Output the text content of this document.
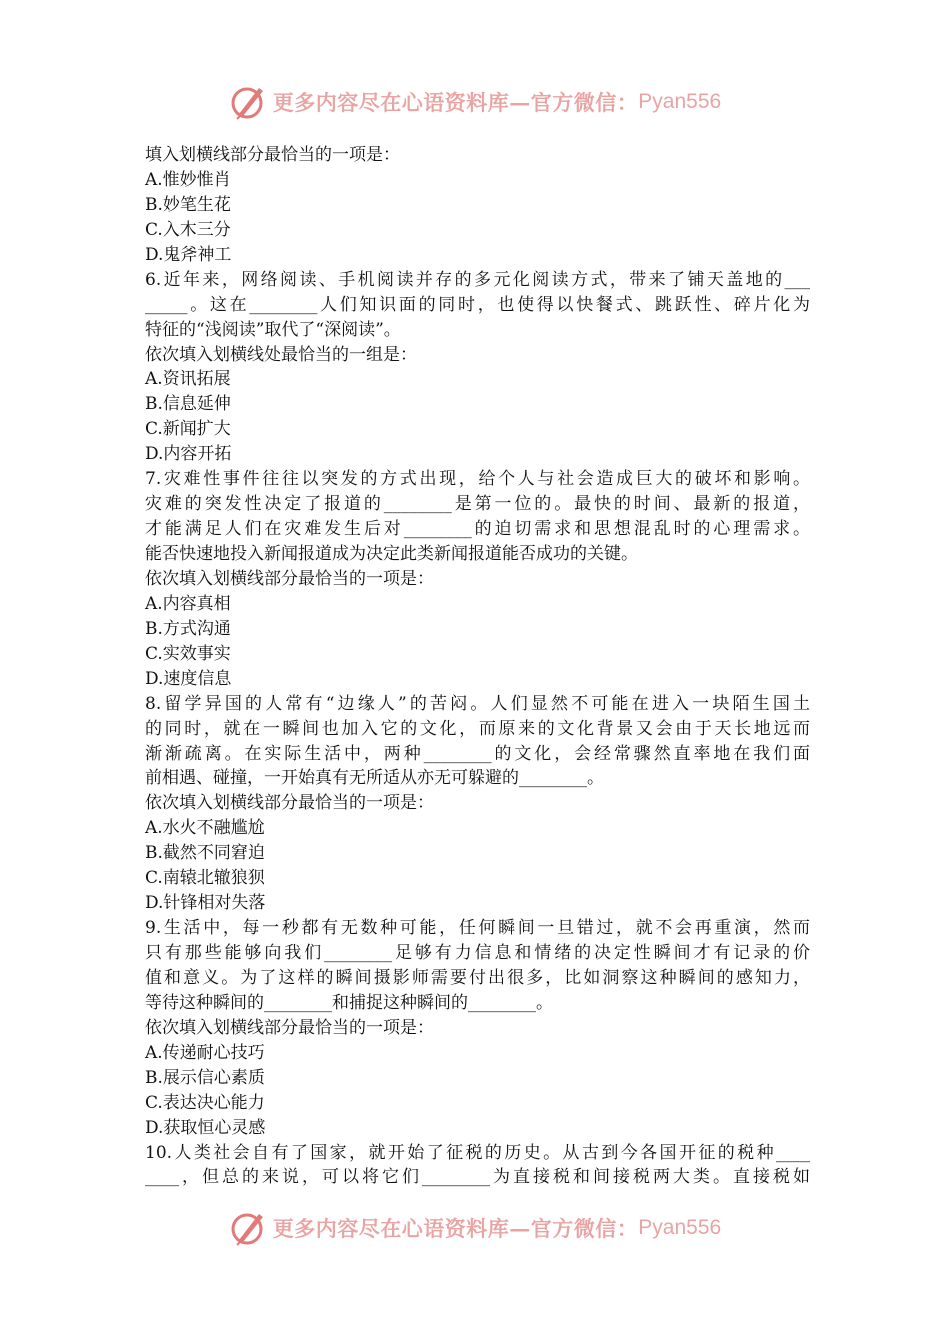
更多内容尽在心语资料库—官方微信： Pyan556
填入划横线部分最恰当的一项是：
A.惟妙惟肖
B.妙笔生花
C.入木三分
D.鬼斧神工
6.近年来，网络阅读、手机阅读并存的多元化阅读方式，带来了铺天盖地的___
_____。这在________人们知识面的同时，也使得以快餐式、跳跃性、碎片化为
特征的“浅阅读”取代了“深阅读”。
依次填入划横线处最恰当的一组是：
A.资讯拓展
B.信息延伸
C.新闻扩大
D.内容开拓
7.灾难性事件往往以突发的方式出现，给个人与社会造成巨大的破坏和影响。
灾难的突发性决定了报道的________是第一位的。最快的时间、最新的报道，
才能满足人们在灾难发生后对________的迫切需求和思想混乱时的心理需求。
能否快速地投入新闻报道成为决定此类新闻报道能否成功的关键。
依次填入划横线部分最恰当的一项是：
A.内容真相
B.方式沟通
C.实效事实
D.速度信息
8.留学异国的人常有“边缘人”的苦闷。人们显然不可能在进入一块陌生国土
的同时，就在一瞬间也加入它的文化，而原来的文化背景又会由于天长地远而
渐渐疏离。在实际生活中，两种________的文化，会经常骤然直率地在我们面
前相遇、碰撞，一开始真有无所适从亦无可躲避的________。
依次填入划横线部分最恰当的一项是：
A.水火不融尴尬
B.截然不同窘迫
C.南辕北辙狼狈
D.针锋相对失落
9.生活中，每一秒都有无数种可能，任何瞬间一旦错过，就不会再重演，然而
只有那些能够向我们________足够有力信息和情绪的决定性瞬间才有记录的价
值和意义。为了这样的瞬间摄影师需要付出很多，比如洞察这种瞬间的感知力，
等待这种瞬间的________和捕捉这种瞬间的________。
依次填入划横线部分最恰当的一项是：
A.传递耐心技巧
B.展示信心素质
C.表达决心能力
D.获取恒心灵感
10.人类社会自有了国家，就开始了征税的历史。从古到今各国开征的税种____
____，但总的来说，可以将它们________为直接税和间接税两大类。直接税如
更多内容尽在心语资料库—官方微信： Pyan556
